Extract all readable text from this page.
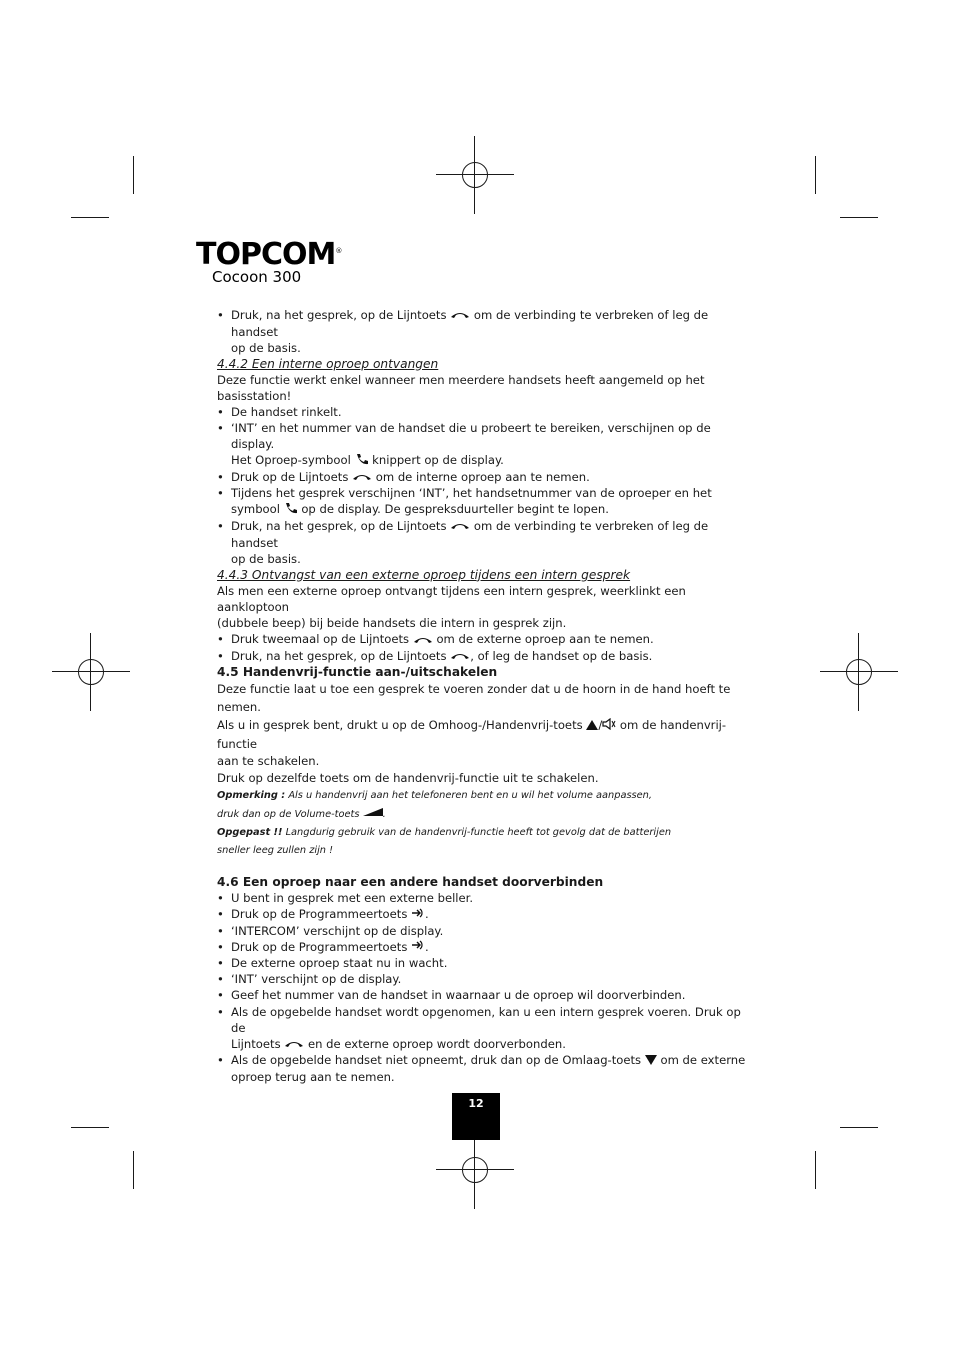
TOPCOM®
Cocoon 300

• Druk, na het gesprek, op de Lijntoets  om de verbinding te verbreken of leg de handset
op de basis.

4.4.2 Een interne oproep ontvangen

Deze functie werkt enkel wanneer men meerdere handsets heeft aangemeld op het basisstation!

• De handset rinkelt.

• ‘INT’ en het nummer van de handset die u probeert te bereiken, verschijnen op de display.
Het Oproep-symbool  knippert op de display.

• Druk op de Lijntoets  om de interne oproep aan te nemen.

• Tijdens het gesprek verschijnen ‘INT’, het handsetnummer van de oproeper en het
symbool  op de display. De gespreksduurteller begint te lopen.

• Druk, na het gesprek, op de Lijntoets  om de verbinding te verbreken of leg de handset
op de basis.

4.4.3 Ontvangst van een externe oproep tijdens een intern gesprek

Als men een externe oproep ontvangt tijdens een intern gesprek, weerklinkt een aankloptoon
(dubbele beep) bij beide handsets die intern in gesprek zijn.

• Druk tweemaal op de Lijntoets  om de externe oproep aan te nemen.

• Druk, na het gesprek, op de Lijntoets , of leg de handset op de basis.

4.5 Handenvrij-functie aan-/uitschakelen

Deze functie laat u toe een gesprek te voeren zonder dat u de hoorn in de hand hoeft te nemen.

Als u in gesprek bent, drukt u op de Omhoog-/Handenvrij-toets / om de handenvrij-functie

aan te schakelen.

Druk op dezelfde toets om de handenvrij-functie uit te schakelen.

Opmerking : Als u handenvrij aan het telefoneren bent en u wil het volume aanpassen,
druk dan op de Volume-toets .

Opgepast !! Langdurig gebruik van de handenvrij-functie heeft tot gevolg dat de batterijen
sneller leeg zullen zijn !

4.6 Een oproep naar een andere handset doorverbinden

• U bent in gesprek met een externe beller.

• Druk op de Programmeertoets .

• ‘INTERCOM’ verschijnt op de display.

• Druk op de Programmeertoets .

• De externe oproep staat nu in wacht.

• ‘INT’ verschijnt op de display.

• Geef het nummer van de handset in waarnaar u de oproep wil doorverbinden.

• Als de opgebelde handset wordt opgenomen, kan u een intern gesprek voeren. Druk op de
Lijntoets  en de externe oproep wordt doorverbonden.

• Als de opgebelde handset niet opneemt, druk dan op de Omlaag-toets  om de externe
oproep terug aan te nemen.

12
